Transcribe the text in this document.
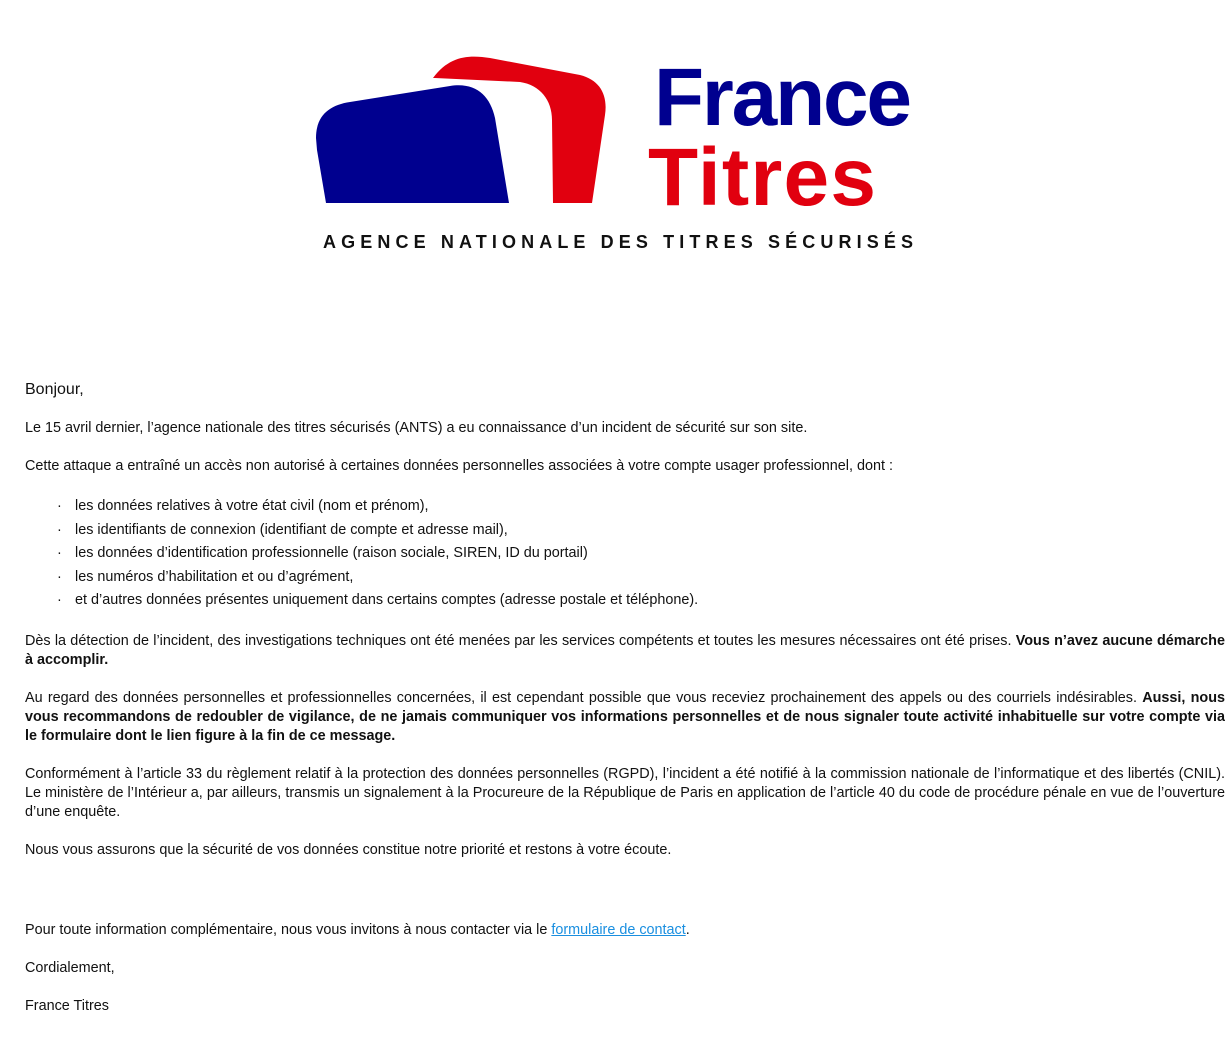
France
Titres
AGENCE NATIONALE DES TITRES SÉCURISÉS

Bonjour,

Le 15 avril dernier, l’agence nationale des titres sécurisés (ANTS) a eu connaissance d’un incident de sécurité sur son site.

Cette attaque a entraîné un accès non autorisé à certaines données personnelles associées à votre compte usager professionnel, dont :

· les données relatives à votre état civil (nom et prénom),
· les identifiants de connexion (identifiant de compte et adresse mail),
· les données d’identification professionnelle (raison sociale, SIREN, ID du portail)
· les numéros d’habilitation et ou d’agrément,
· et d’autres données présentes uniquement dans certains comptes (adresse postale et téléphone).

Dès la détection de l’incident, des investigations techniques ont été menées par les services compétents et toutes les mesures nécessaires ont été prises. Vous n’avez aucune démarche à accomplir.

Au regard des données personnelles et professionnelles concernées, il est cependant possible que vous receviez prochainement des appels ou des courriels indésirables. Aussi, nous vous recommandons de redoubler de vigilance, de ne jamais communiquer vos informations personnelles et de nous signaler toute activité inhabituelle sur votre compte via le formulaire dont le lien figure à la fin de ce message.

Conformément à l’article 33 du règlement relatif à la protection des données personnelles (RGPD), l’incident a été notifié à la commission nationale de l’informatique et des libertés (CNIL). Le ministère de l’Intérieur a, par ailleurs, transmis un signalement à la Procureure de la République de Paris en application de l’article 40 du code de procédure pénale en vue de l’ouverture d’une enquête.

Nous vous assurons que la sécurité de vos données constitue notre priorité et restons à votre écoute.

Pour toute information complémentaire, nous vous invitons à nous contacter via le formulaire de contact.

Cordialement,

France Titres
